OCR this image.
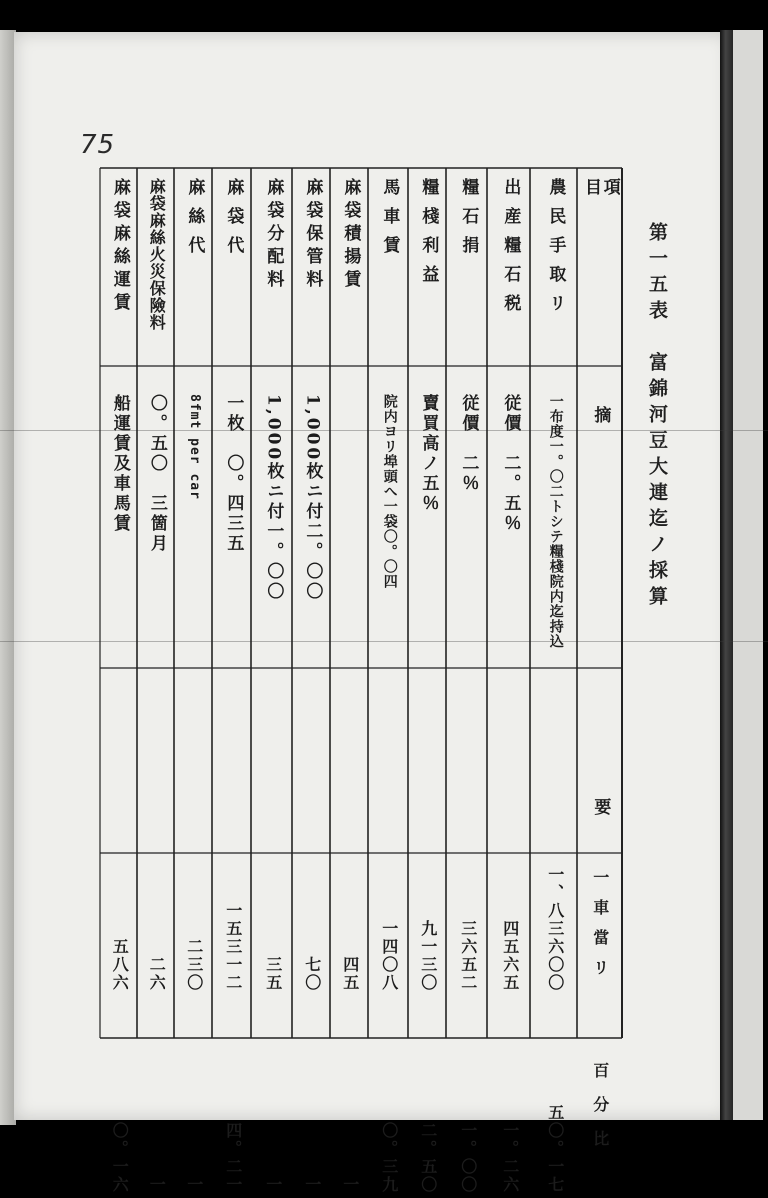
75
第一五表　富錦河豆大連迄ノ採算
項　　目
摘
要
一車當リ
百分比
農民手取リ
一布度一。〇二トシテ糧棧院内迄持込
一、八三六〇〇
五〇。一七
出産糧石税
従價　二。五％
四五六五
一。二六
糧石捐
従價　二％
三六五二
一。〇〇
糧棧利益
賣買高ノ五％
九一三〇
二。五〇
馬車賃
院内ヨリ埠頭へ一袋〇。〇四
一四〇八
〇。三九
麻袋積揚賃
四五
一
麻袋保管料
1,000枚ニ付二。〇〇
七〇
一
麻袋分配料
1,000枚ニ付一。〇〇
三五
一
麻袋代
一枚　〇。四三五
一五三一二
四。二一
麻絲代
8fmt per car
二三〇
一
麻袋麻絲火災保險料
〇。五〇　三箇月
二六
一
麻袋麻絲運賃
船運賃及車馬賃
五八六
〇。一六
